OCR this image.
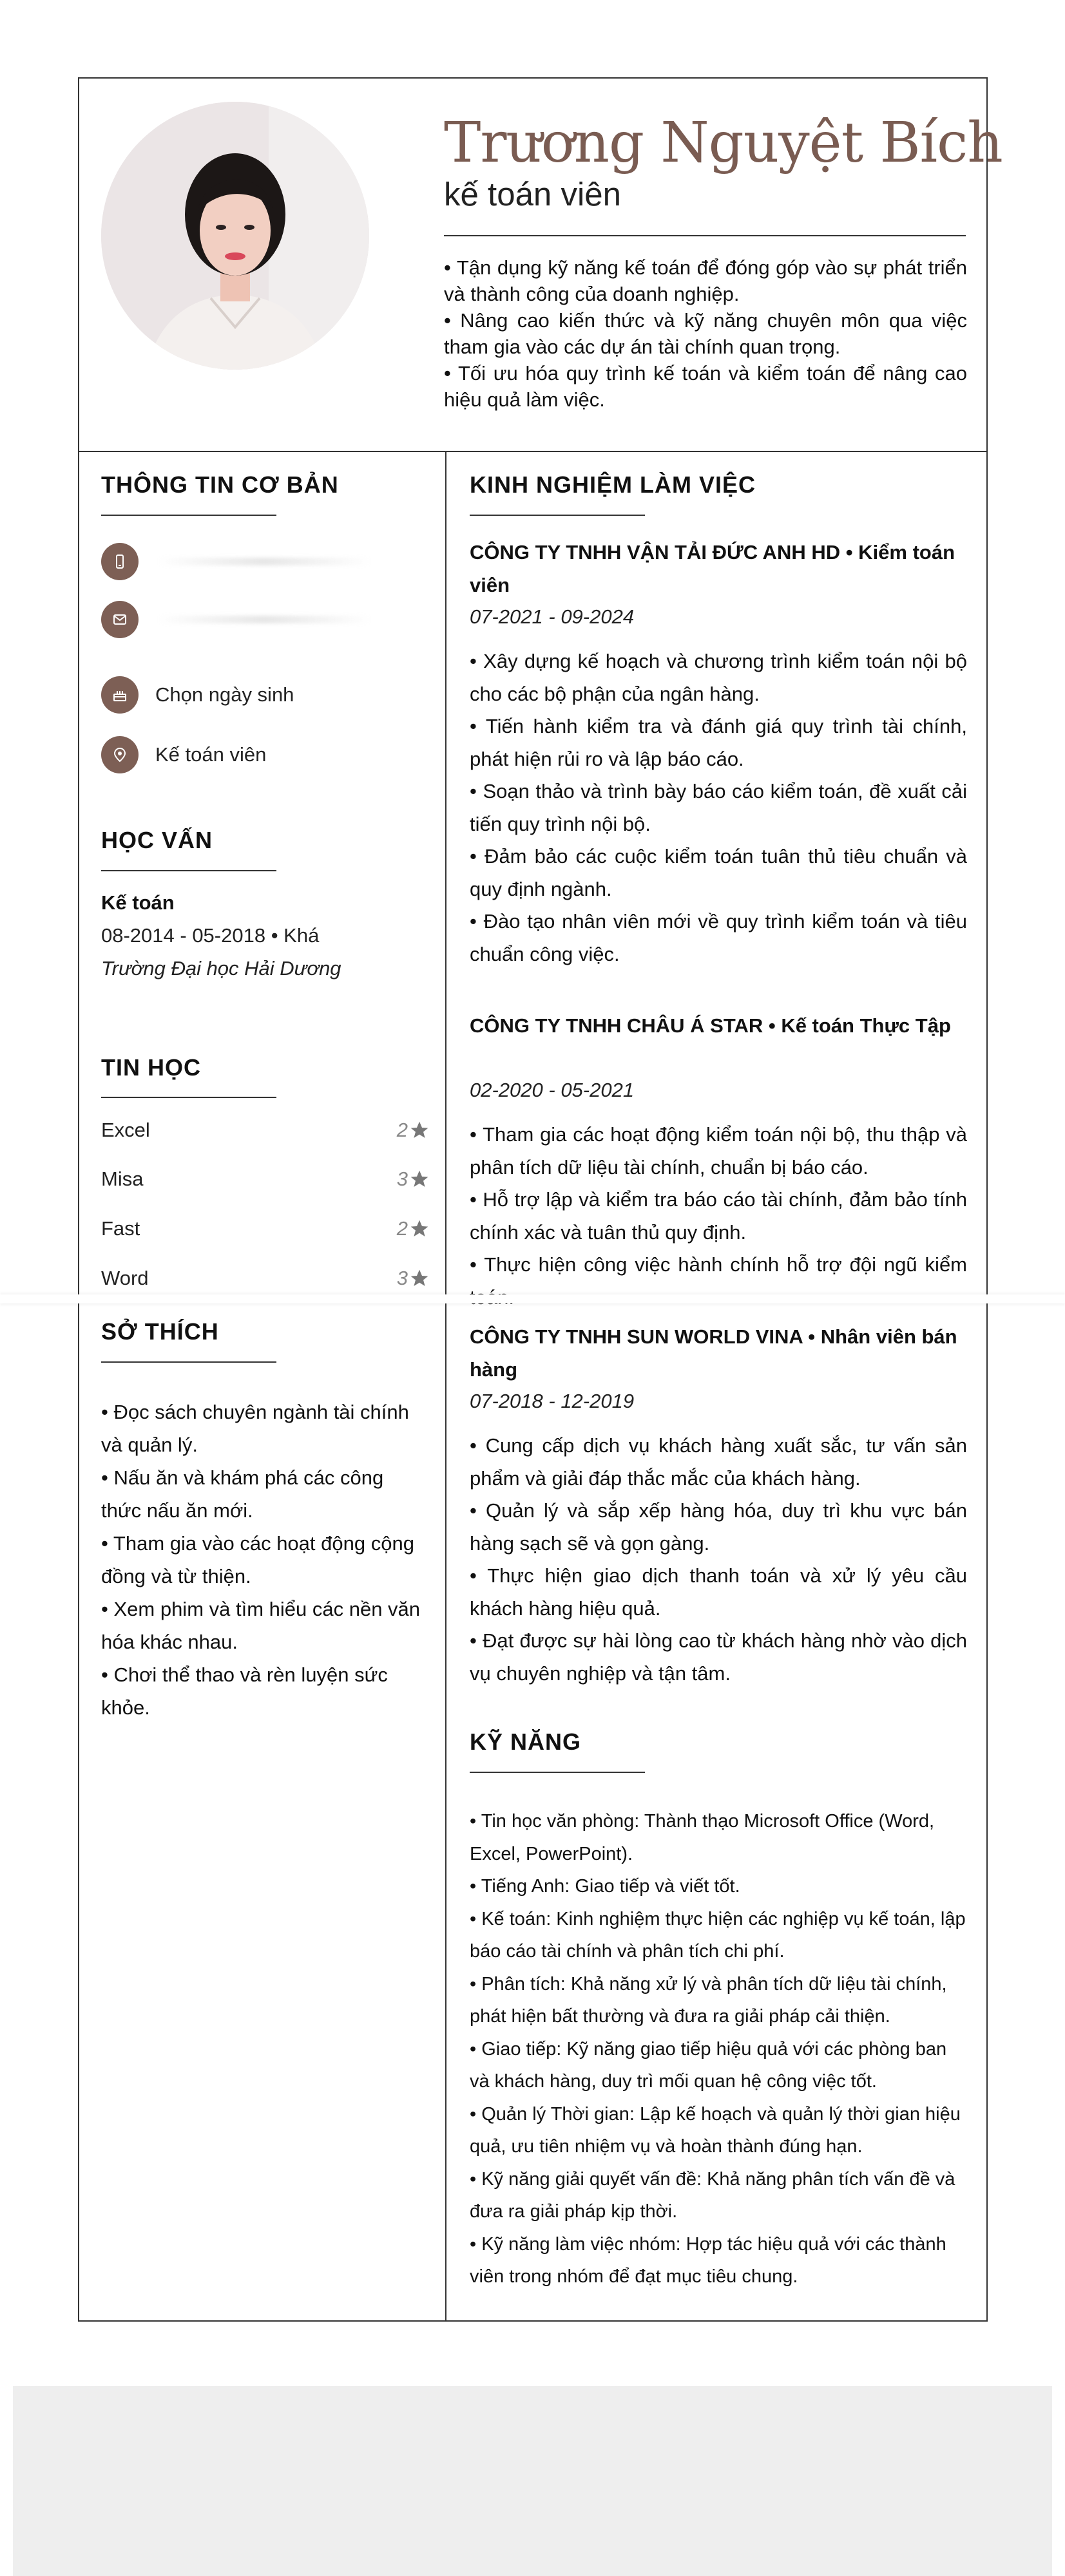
Trương Nguyệt Bích
kế toán viên
• Tận dụng kỹ năng kế toán để đóng góp vào sự phát triển và thành công của doanh nghiệp.
• Nâng cao kiến thức và kỹ năng chuyên môn qua việc tham gia vào các dự án tài chính quan trọng.
• Tối ưu hóa quy trình kế toán và kiểm toán để nâng cao hiệu quả làm việc.
THÔNG TIN CƠ BẢN
Chọn ngày sinh
Kế toán viên
HỌC VẤN
Kế toán
08-2014 - 05-2018 • Khá
Trường Đại học Hải Dương
TIN HỌC
Excel	2
Misa	3
Fast	2
Word	3
SỞ THÍCH
• Đọc sách chuyên ngành tài chính và quản lý.
• Nấu ăn và khám phá các công thức nấu ăn mới.
• Tham gia vào các hoạt động cộng đồng và từ thiện.
• Xem phim và tìm hiểu các nền văn hóa khác nhau.
• Chơi thể thao và rèn luyện sức khỏe.
KINH NGHIỆM LÀM VIỆC
CÔNG TY TNHH VẬN TẢI ĐỨC ANH HD • Kiểm toán viên
07-2021 - 09-2024
• Xây dựng kế hoạch và chương trình kiểm toán nội bộ cho các bộ phận của ngân hàng.
• Tiến hành kiểm tra và đánh giá quy trình tài chính, phát hiện rủi ro và lập báo cáo.
• Soạn thảo và trình bày báo cáo kiểm toán, đề xuất cải tiến quy trình nội bộ.
• Đảm bảo các cuộc kiểm toán tuân thủ tiêu chuẩn và quy định ngành.
• Đào tạo nhân viên mới về quy trình kiểm toán và tiêu chuẩn công việc.
CÔNG TY TNHH CHÂU Á STAR • Kế toán Thực Tập
02-2020 - 05-2021
• Tham gia các hoạt động kiểm toán nội bộ, thu thập và phân tích dữ liệu tài chính, chuẩn bị báo cáo.
• Hỗ trợ lập và kiểm tra báo cáo tài chính, đảm bảo tính chính xác và tuân thủ quy định.
• Thực hiện công việc hành chính hỗ trợ đội ngũ kiểm
CÔNG TY TNHH SUN WORLD VINA • Nhân viên bán hàng
07-2018 - 12-2019
• Cung cấp dịch vụ khách hàng xuất sắc, tư vấn sản phẩm và giải đáp thắc mắc của khách hàng.
• Quản lý và sắp xếp hàng hóa, duy trì khu vực bán hàng sạch sẽ và gọn gàng.
• Thực hiện giao dịch thanh toán và xử lý yêu cầu khách hàng hiệu quả.
• Đạt được sự hài lòng cao từ khách hàng nhờ vào dịch vụ chuyên nghiệp và tận tâm.
KỸ NĂNG
• Tin học văn phòng: Thành thạo Microsoft Office (Word, Excel, PowerPoint).
• Tiếng Anh: Giao tiếp và viết tốt.
• Kế toán: Kinh nghiệm thực hiện các nghiệp vụ kế toán, lập báo cáo tài chính và phân tích chi phí.
• Phân tích: Khả năng xử lý và phân tích dữ liệu tài chính, phát hiện bất thường và đưa ra giải pháp cải thiện.
• Giao tiếp: Kỹ năng giao tiếp hiệu quả với các phòng ban và khách hàng, duy trì mối quan hệ công việc tốt.
• Quản lý Thời gian: Lập kế hoạch và quản lý thời gian hiệu quả, ưu tiên nhiệm vụ và hoàn thành đúng hạn.
• Kỹ năng giải quyết vấn đề: Khả năng phân tích vấn đề và đưa ra giải pháp kịp thời.
• Kỹ năng làm việc nhóm: Hợp tác hiệu quả với các thành viên trong nhóm để đạt mục tiêu chung.
